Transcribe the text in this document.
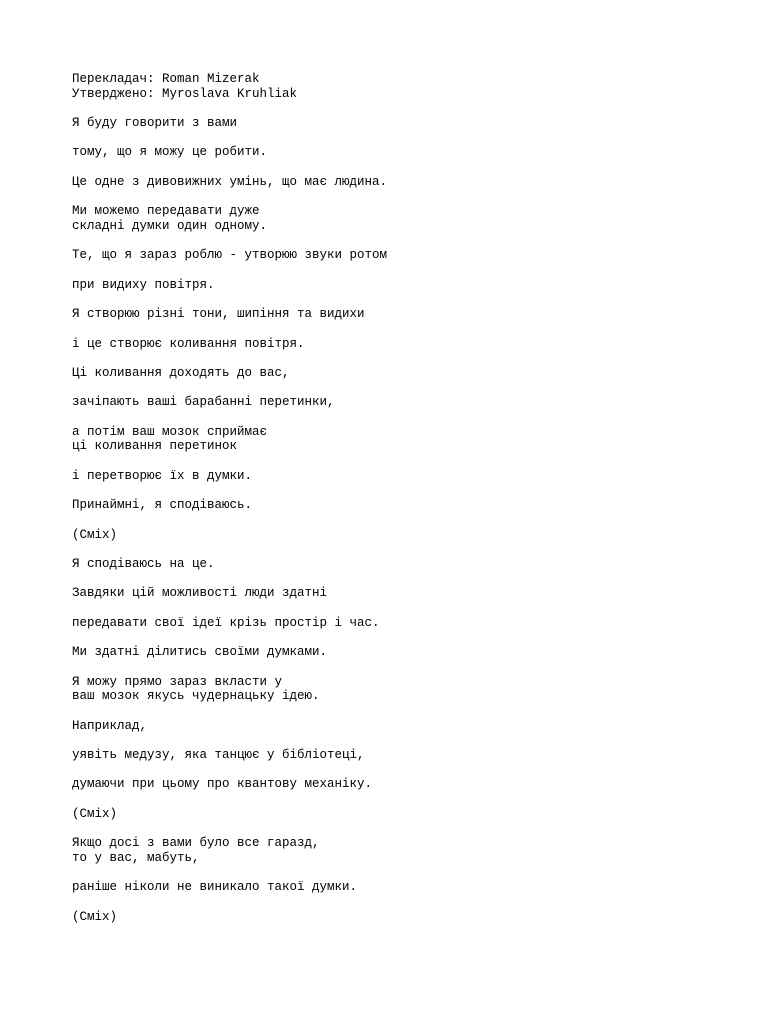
Перекладач: Roman Mizerak
Утверджено: Myroslava Kruhliak
Я буду говорити з вами
тому, що я можу це робити.
Це одне з дивовижних умінь, що має людина.
Ми можемо передавати дуже
складні думки один одному.
Те, що я зараз роблю - утворюю звуки ротом
при видиху повітря.
Я створюю різні тони, шипіння та видихи
і це створює коливання повітря.
Ці коливання доходять до вас,
зачіпають ваші барабанні перетинки,
а потім ваш мозок сприймає
ці коливання перетинок
і перетворює їх в думки.
Принаймні, я сподіваюсь.
(Сміх)
Я сподіваюсь на це.
Завдяки цій можливості люди здатні
передавати свої ідеї крізь простір і час.
Ми здатні ділитись своїми думками.
Я можу прямо зараз вкласти у
ваш мозок якусь чудернацьку ідею.
Наприклад,
уявіть медузу, яка танцює у бібліотеці,
думаючи при цьому про квантову механіку.
(Сміх)
Якщо досі з вами було все гаразд,
то у вас, мабуть,
раніше ніколи не виникало такої думки.
(Сміх)
